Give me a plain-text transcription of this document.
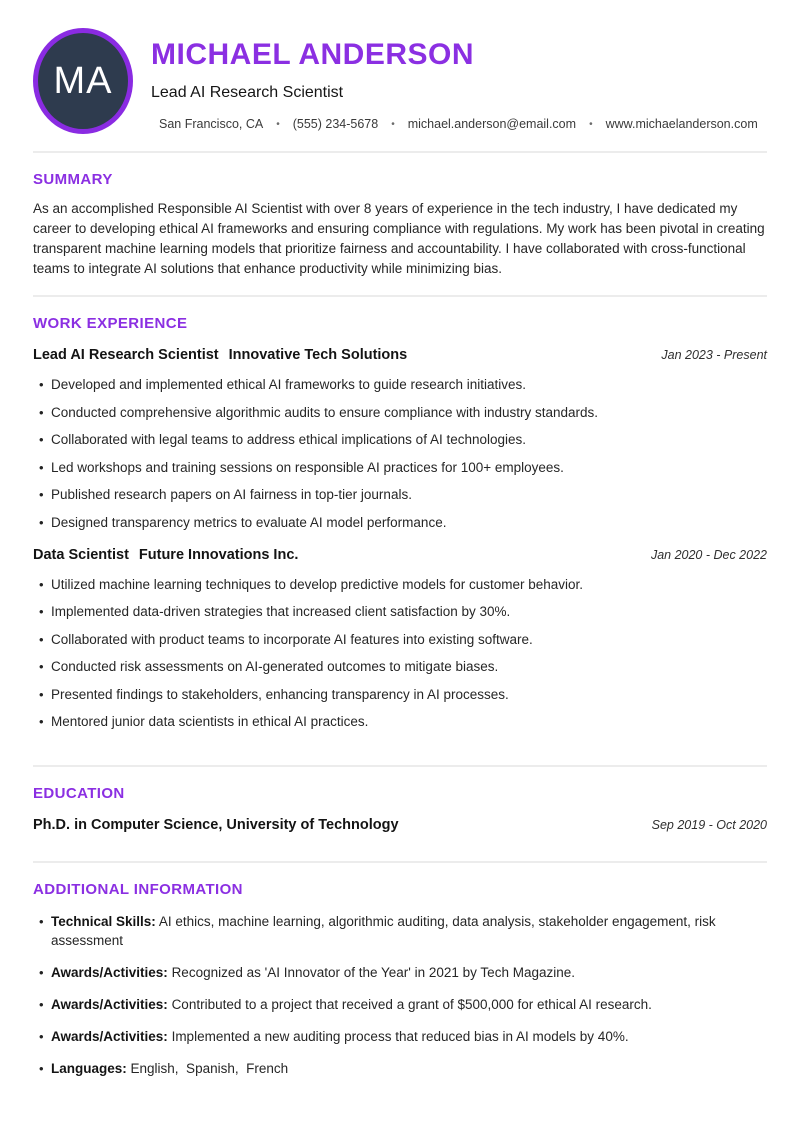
MA
MICHAEL ANDERSON
Lead AI Research Scientist
San Francisco, CA • (555) 234-5678 • michael.anderson@email.com • www.michaelanderson.com
SUMMARY

As an accomplished Responsible AI Scientist with over 8 years of experience in the tech industry, I have dedicated my career to developing ethical AI frameworks and ensuring compliance with regulations. My work has been pivotal in creating transparent machine learning models that prioritize fairness and accountability. I have collaborated with cross-functional teams to integrate AI solutions that enhance productivity while minimizing bias.

WORK EXPERIENCE
Lead AI Research Scientist Innovative Tech Solutions	Jan 2023 - Present
• Developed and implemented ethical AI frameworks to guide research initiatives.
• Conducted comprehensive algorithmic audits to ensure compliance with industry standards.
• Collaborated with legal teams to address ethical implications of AI technologies.
• Led workshops and training sessions on responsible AI practices for 100+ employees.
• Published research papers on AI fairness in top-tier journals.
• Designed transparency metrics to evaluate AI model performance.
Data Scientist Future Innovations Inc.	Jan 2020 - Dec 2022
• Utilized machine learning techniques to develop predictive models for customer behavior.
• Implemented data-driven strategies that increased client satisfaction by 30%.
• Collaborated with product teams to incorporate AI features into existing software.
• Conducted risk assessments on AI-generated outcomes to mitigate biases.
• Presented findings to stakeholders, enhancing transparency in AI processes.
• Mentored junior data scientists in ethical AI practices.
EDUCATION
Ph.D. in Computer Science, University of Technology	Sep 2019 - Oct 2020
ADDITIONAL INFORMATION
• Technical Skills: AI ethics, machine learning, algorithmic auditing, data analysis, stakeholder engagement, risk assessment
• Awards/Activities: Recognized as 'AI Innovator of the Year' in 2021 by Tech Magazine.
• Awards/Activities: Contributed to a project that received a grant of $500,000 for ethical AI research.
• Awards/Activities: Implemented a new auditing process that reduced bias in AI models by 40%.
• Languages: English,  Spanish,  French
